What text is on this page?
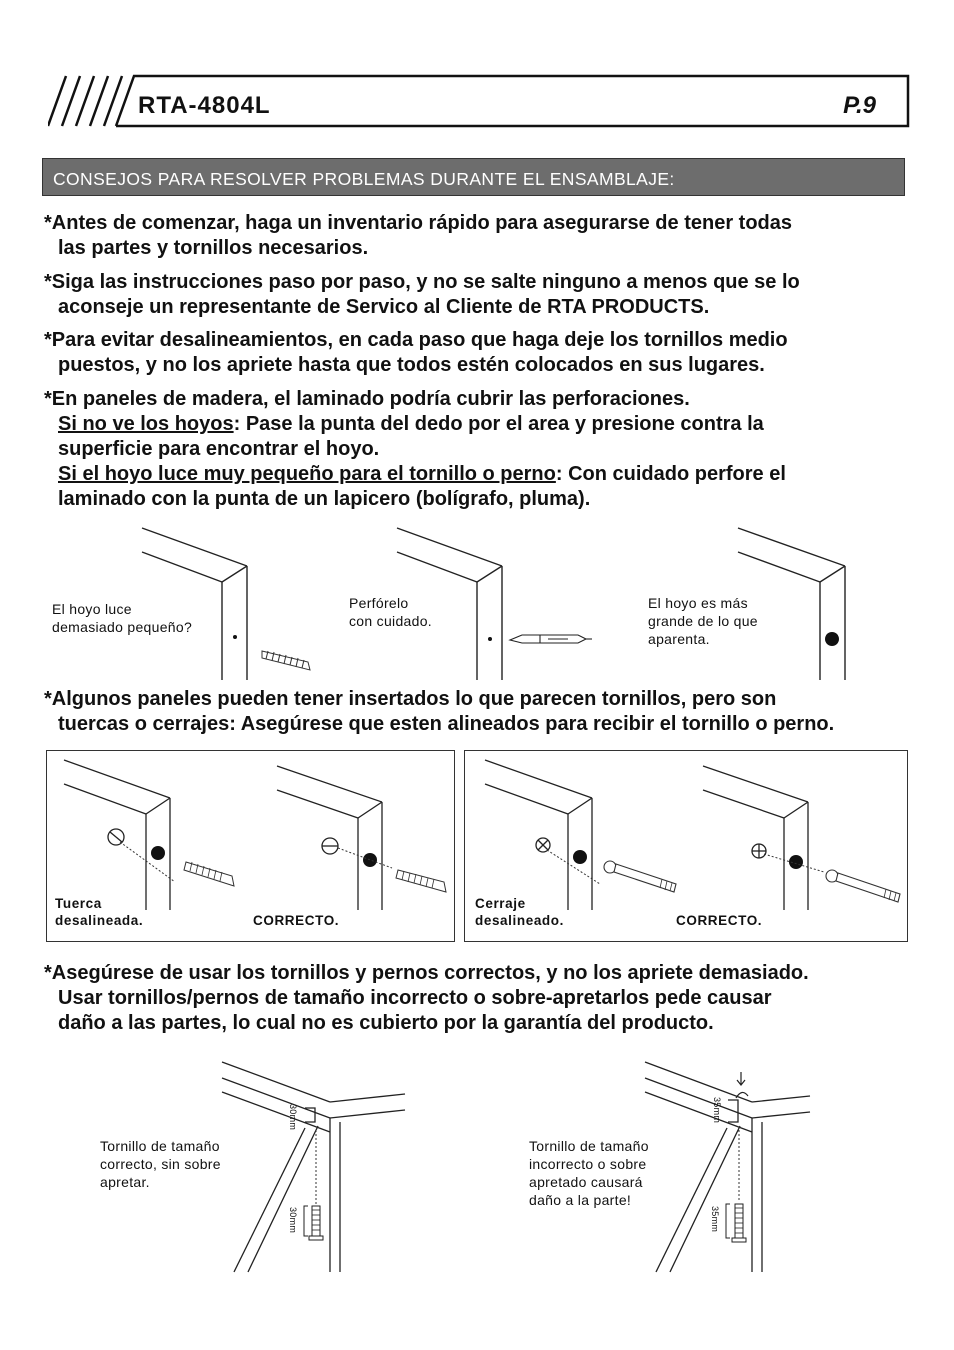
RTA-4804L	P.9
CONSEJOS PARA RESOLVER PROBLEMAS DURANTE EL ENSAMBLAJE:
*Antes de comenzar, haga un inventario rápido para asegurarse de tener todas
las partes y tornillos necesarios.
*Siga las instrucciones paso por paso, y no se salte ninguno a menos que se lo
aconseje un representante de Servico al Cliente de RTA PRODUCTS.
*Para evitar desalineamientos, en cada paso que haga deje los tornillos medio
puestos, y no los apriete hasta que todos estén colocados en sus lugares.
*En paneles de madera, el laminado podría cubrir las perforaciones.
Si no ve los hoyos: Pase la punta del dedo por el area y presione contra la
superficie para encontrar el hoyo.
Si el hoyo luce muy pequeño para el tornillo o perno: Con cuidado perfore el
laminado con la punta de un lapicero (bolígrafo, pluma).
El hoyo luce
demasiado pequeño?
Perfórelo
con cuidado.
El hoyo es más
grande de lo que
aparenta.
*Algunos paneles pueden tener insertados lo que parecen tornillos, pero son
tuercas o cerrajes: Asegúrese que esten alineados para recibir el tornillo o perno.
Tuerca
desalineada.	CORRECTO.
Cerraje
desalineado.	CORRECTO.
*Asegúrese de usar los tornillos y pernos correctos, y no los apriete demasiado.
Usar tornillos/pernos de tamaño incorrecto o sobre-apretarlos pede causar
daño a las partes, lo cual no es cubierto por la garantía del producto.
30mm
30mm
35mm
35mm
Tornillo de tamaño
correcto, sin sobre
apretar.
Tornillo de tamaño
incorrecto o sobre
apretado causará
daño a la parte!
